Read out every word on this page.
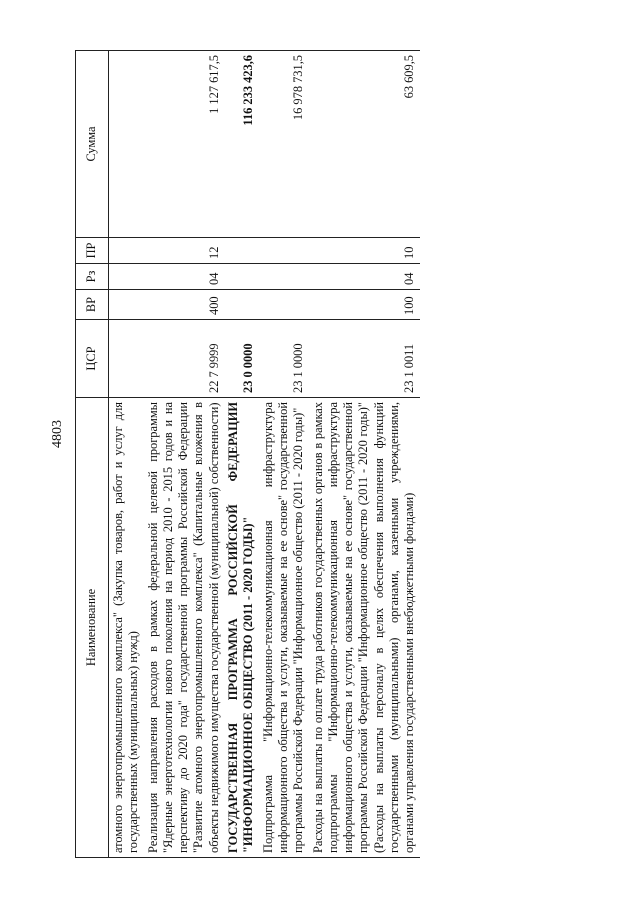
4803
Наименование	ЦСР	ВР	Рз	ПР	Сумма
атомного энергопромышленного комплекса" (Закупка товаров, работ и услуг для государственных (муниципальных) нужд)					
Реализация направления расходов в рамках федеральной целевой программы "Ядерные энерготехнологии нового поколения на период 2010 - 2015 годов и на перспективу до 2020 года" государственной программы Российской Федерации "Развитие атомного энергопромышленного комплекса" (Капитальные вложения в объекты недвижимого имущества государственной (муниципальной) собственности)	22 7 9999	400	04	12	1 127 617,5
ГОСУДАРСТВЕННАЯ ПРОГРАММА РОССИЙСКОЙ ФЕДЕРАЦИИ "ИНФОРМАЦИОННОЕ ОБЩЕСТВО (2011 - 2020 ГОДЫ)"	23 0 0000				116 233 423,6
Подпрограмма "Информационно-телекоммуникационная инфраструктура информационного общества и услуги, оказываемые на ее основе" государственной программы Российской Федерации "Информационное общество (2011 - 2020 годы)"	23 1 0000				16 978 731,5
Расходы на выплаты по оплате труда работников государственных органов в рамках подпрограммы "Информационно-телекоммуникационная инфраструктура информационного общества и услуги, оказываемые на ее основе" государственной программы Российской Федерации "Информационное общество (2011 - 2020 годы)" (Расходы на выплаты персоналу в целях обеспечения выполнения функций государственными (муниципальными) органами, казенными учреждениями, органами управления государственными внебюджетными фондами)	23 1 0011	100	04	10	63 609,5
